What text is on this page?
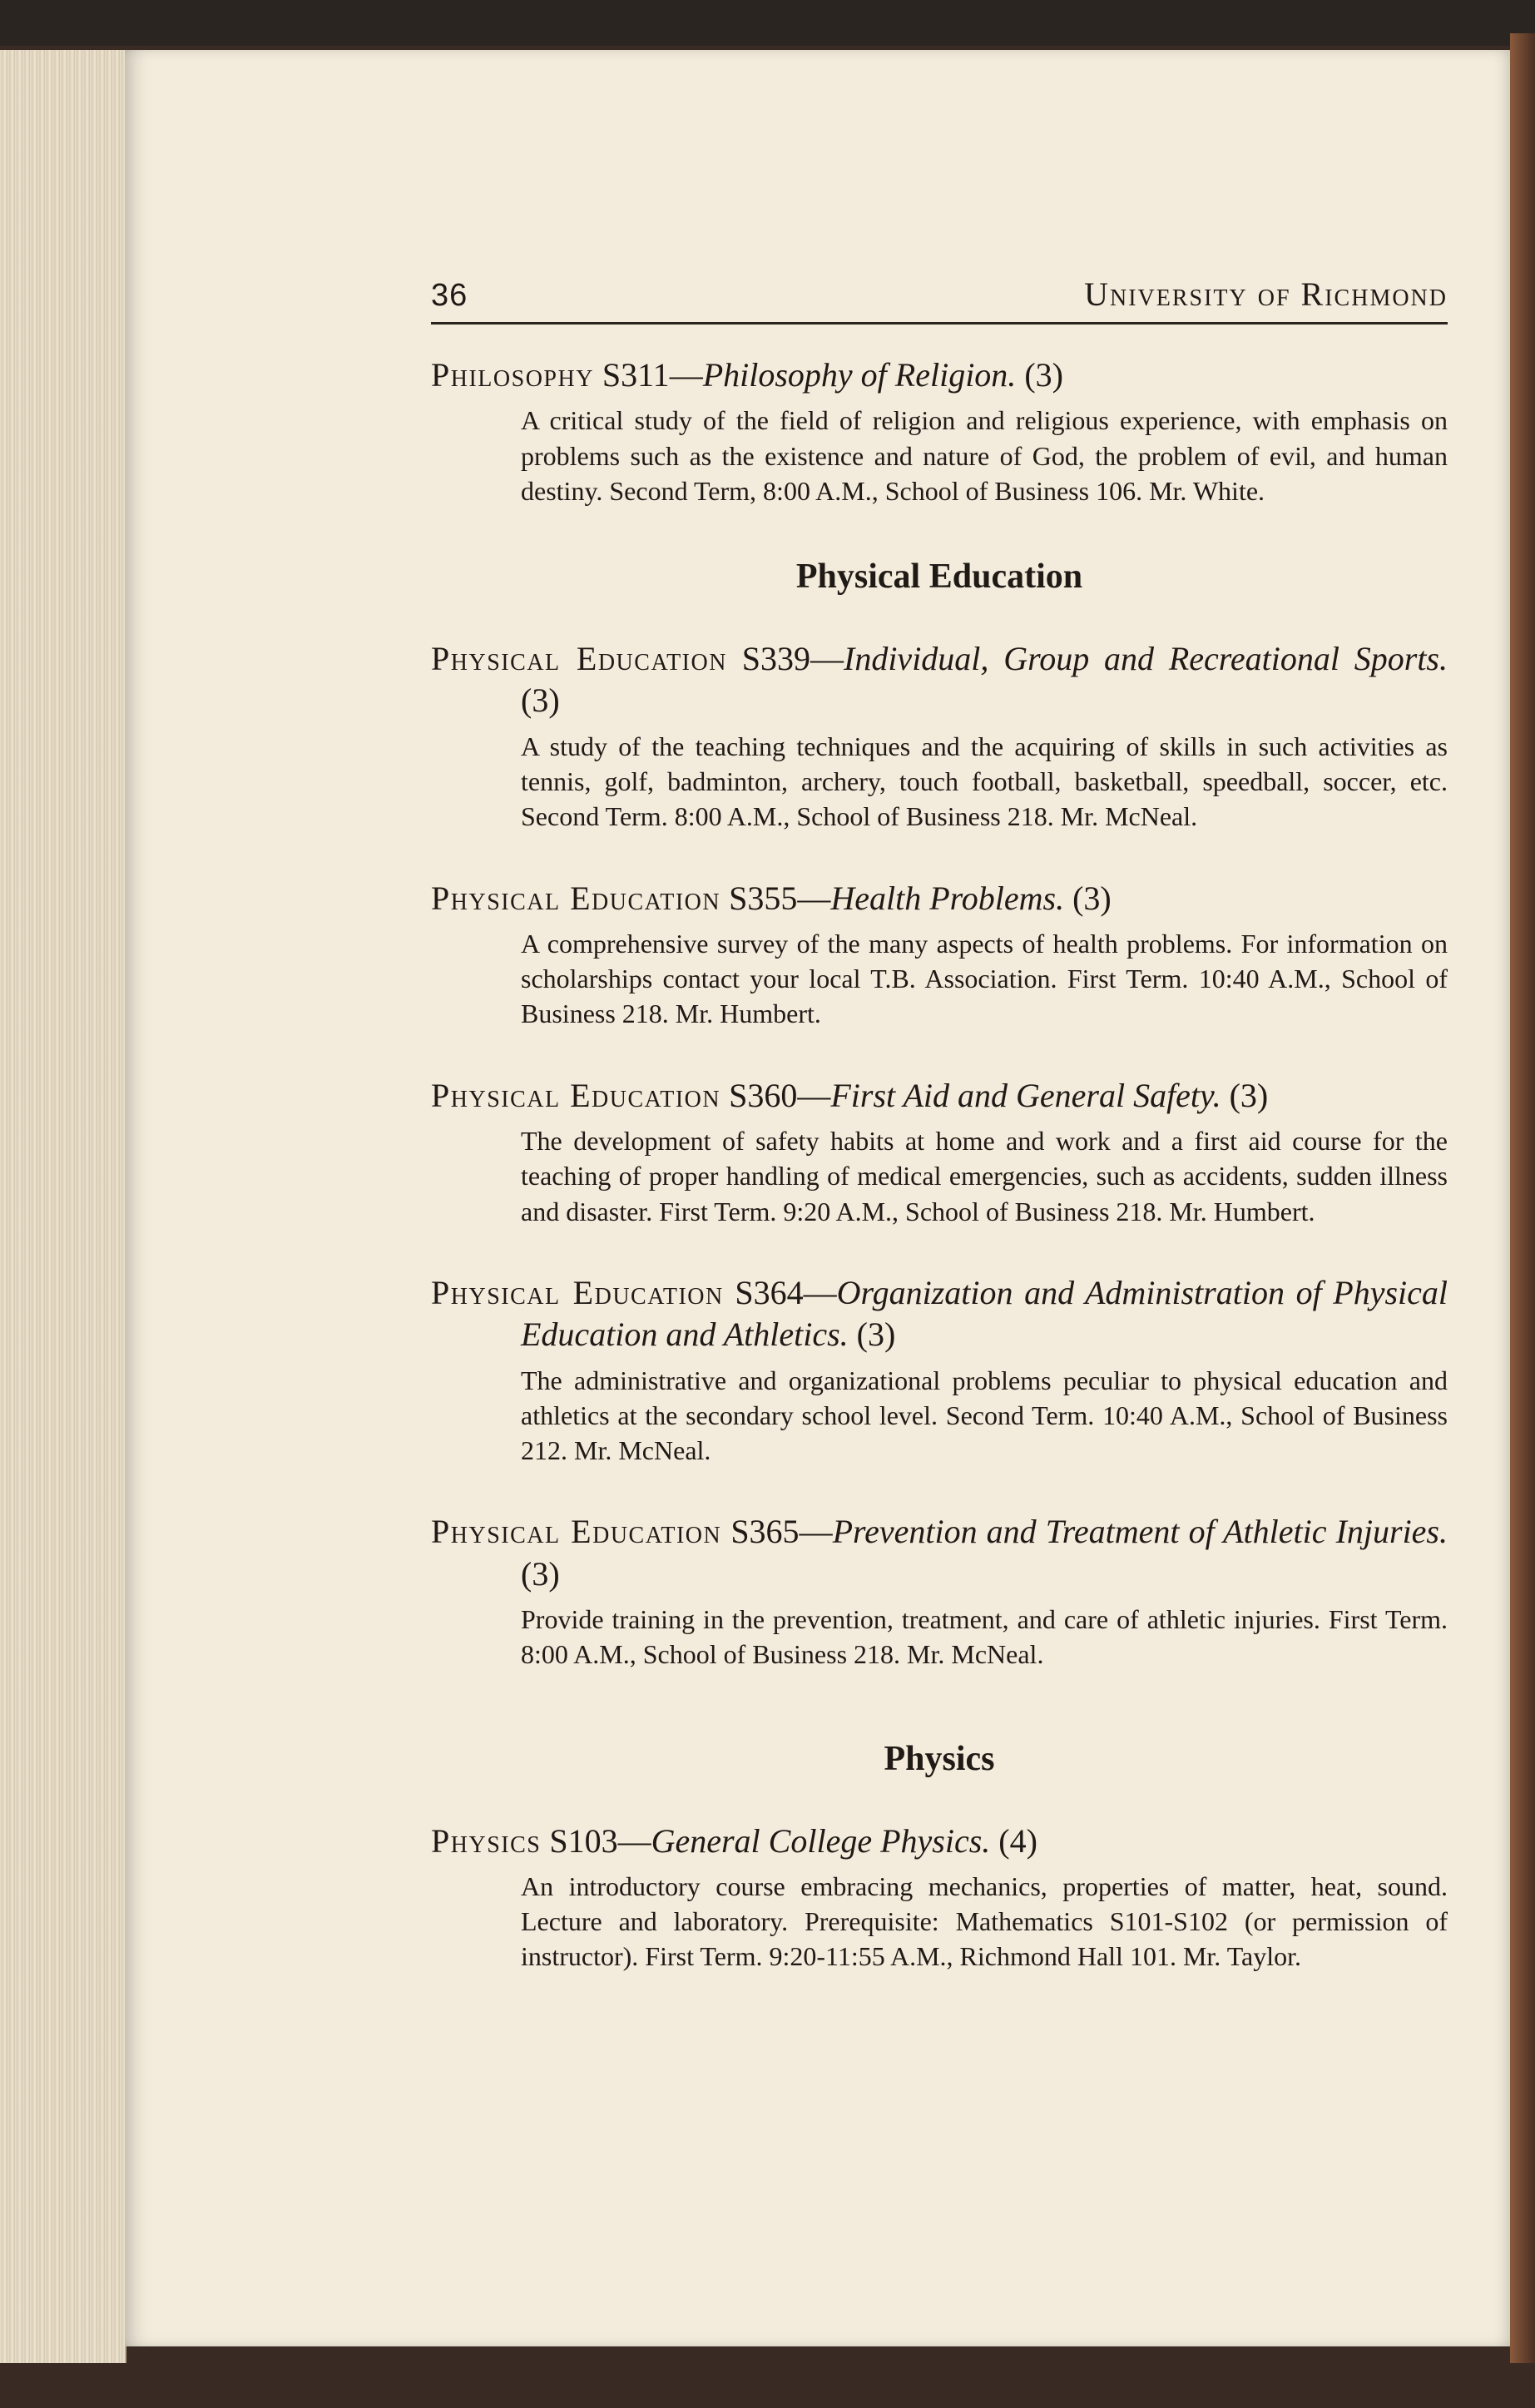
36	University of Richmond
Philosophy S311—Philosophy of Religion. (3)
A critical study of the field of religion and religious experience, with emphasis on problems such as the existence and nature of God, the problem of evil, and human destiny. Second Term, 8:00 A.M., School of Business 106. Mr. White.
Physical Education
Physical Education S339—Individual, Group and Recreational Sports. (3)
A study of the teaching techniques and the acquiring of skills in such activities as tennis, golf, badminton, archery, touch football, basketball, speedball, soccer, etc. Second Term. 8:00 A.M., School of Business 218. Mr. McNeal.
Physical Education S355—Health Problems. (3)
A comprehensive survey of the many aspects of health problems. For information on scholarships contact your local T.B. Association. First Term. 10:40 A.M., School of Business 218. Mr. Humbert.
Physical Education S360—First Aid and General Safety. (3)
The development of safety habits at home and work and a first aid course for the teaching of proper handling of medical emergencies, such as accidents, sudden illness and disaster. First Term. 9:20 A.M., School of Business 218. Mr. Humbert.
Physical Education S364—Organization and Administration of Physical Education and Athletics. (3)
The administrative and organizational problems peculiar to physical education and athletics at the secondary school level. Second Term. 10:40 A.M., School of Business 212. Mr. McNeal.
Physical Education S365—Prevention and Treatment of Athletic Injuries. (3)
Provide training in the prevention, treatment, and care of athletic injuries. First Term. 8:00 A.M., School of Business 218. Mr. McNeal.
Physics
Physics S103—General College Physics. (4)
An introductory course embracing mechanics, properties of matter, heat, sound. Lecture and laboratory. Prerequisite: Mathematics S101-S102 (or permission of instructor). First Term. 9:20-11:55 A.M., Richmond Hall 101. Mr. Taylor.
